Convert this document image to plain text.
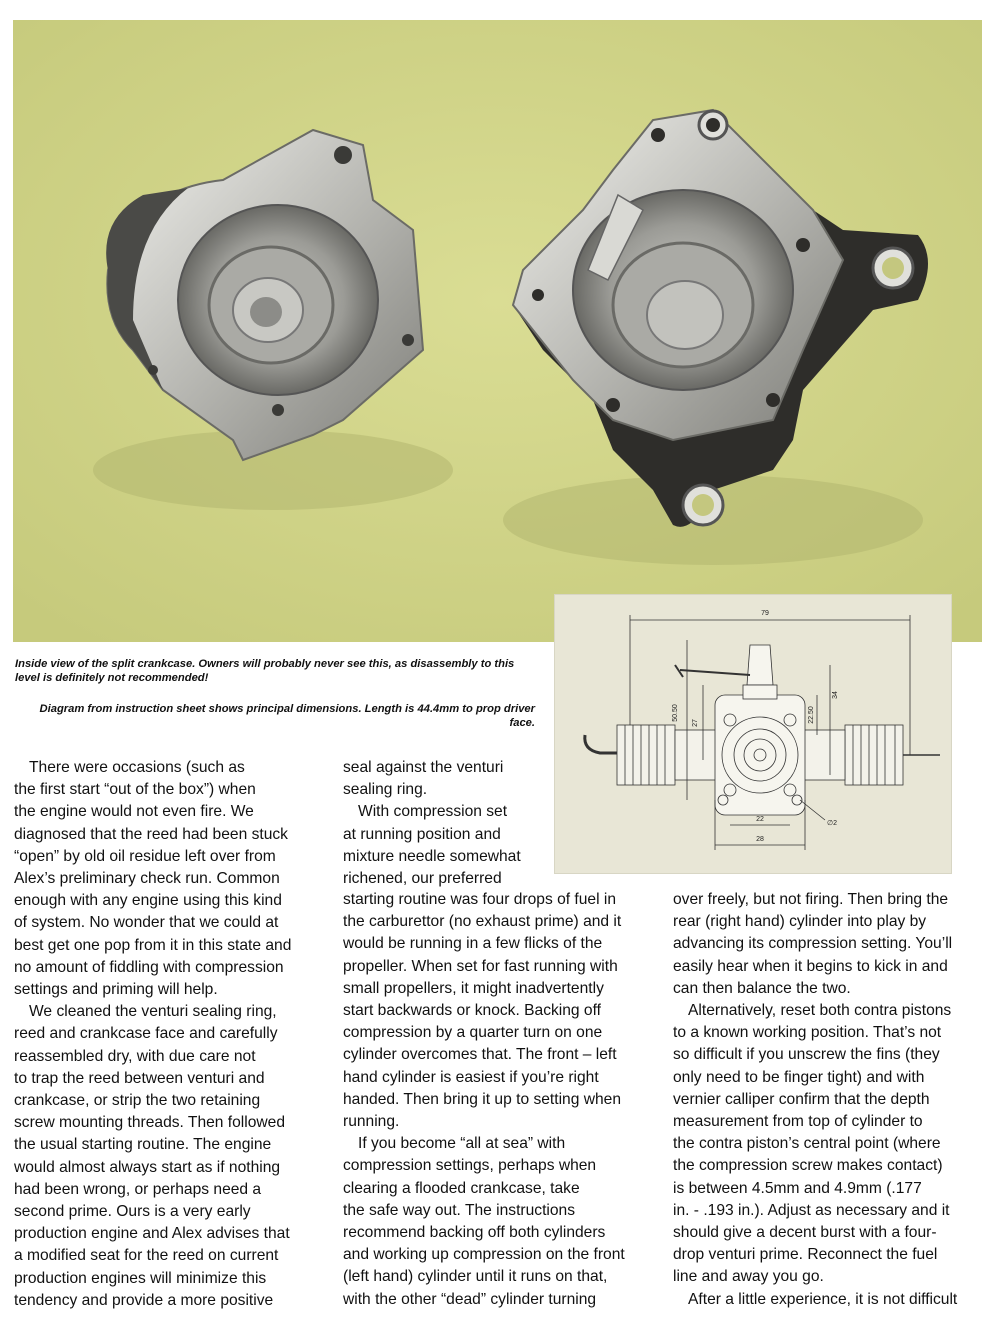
79
50.50
27	22.50
34
22
28
∅2
Inside view of the split crankcase. Owners will probably never see this, as disassembly to this level is definitely not recommended!
Diagram from instruction sheet shows principal dimensions. Length is 44.4mm to prop driver face.
There were occasions (such as
the first start “out of the box”) when
the engine would not even fire. We
diagnosed that the reed had been stuck
“open” by old oil residue left over from
Alex’s preliminary check run. Common
enough with any engine using this kind
of system. No wonder that we could at
best get one pop from it in this state and
no amount of fiddling with compression
settings and priming will help.
We cleaned the venturi sealing ring,
reed and crankcase face and carefully
reassembled dry, with due care not
to trap the reed between venturi and
crankcase, or strip the two retaining
screw mounting threads. Then followed
the usual starting routine. The engine
would almost always start as if nothing
had been wrong, or perhaps need a
second prime. Ours is a very early
production engine and Alex advises that
a modified seat for the reed on current
production engines will minimize this
tendency and provide a more positive
seal against the venturi
sealing ring.
With compression set
at running position and
mixture needle somewhat
richened, our preferred
starting routine was four drops of fuel in
the carburettor (no exhaust prime) and it
would be running in a few flicks of the
propeller. When set for fast running with
small propellers, it might inadvertently
start backwards or knock. Backing off
compression by a quarter turn on one
cylinder overcomes that. The front – left
hand cylinder is easiest if you’re right
handed. Then bring it up to setting when
running.
If you become “all at sea” with
compression settings, perhaps when
clearing a flooded crankcase, take
the safe way out. The instructions
recommend backing off both cylinders
and working up compression on the front
(left hand) cylinder until it runs on that,
with the other “dead” cylinder turning
over freely, but not firing. Then bring the
rear (right hand) cylinder into play by
advancing its compression setting. You’ll
easily hear when it begins to kick in and
can then balance the two.
Alternatively, reset both contra pistons
to a known working position. That’s not
so difficult if you unscrew the fins (they
only need to be finger tight) and with
vernier calliper confirm that the depth
measurement from top of cylinder to
the contra piston’s central point (where
the compression screw makes contact)
is between 4.5mm and 4.9mm (.177
in. - .193 in.). Adjust as necessary and it
should give a decent burst with a four-
drop venturi prime. Reconnect the fuel
line and away you go.
After a little experience, it is not difficult
